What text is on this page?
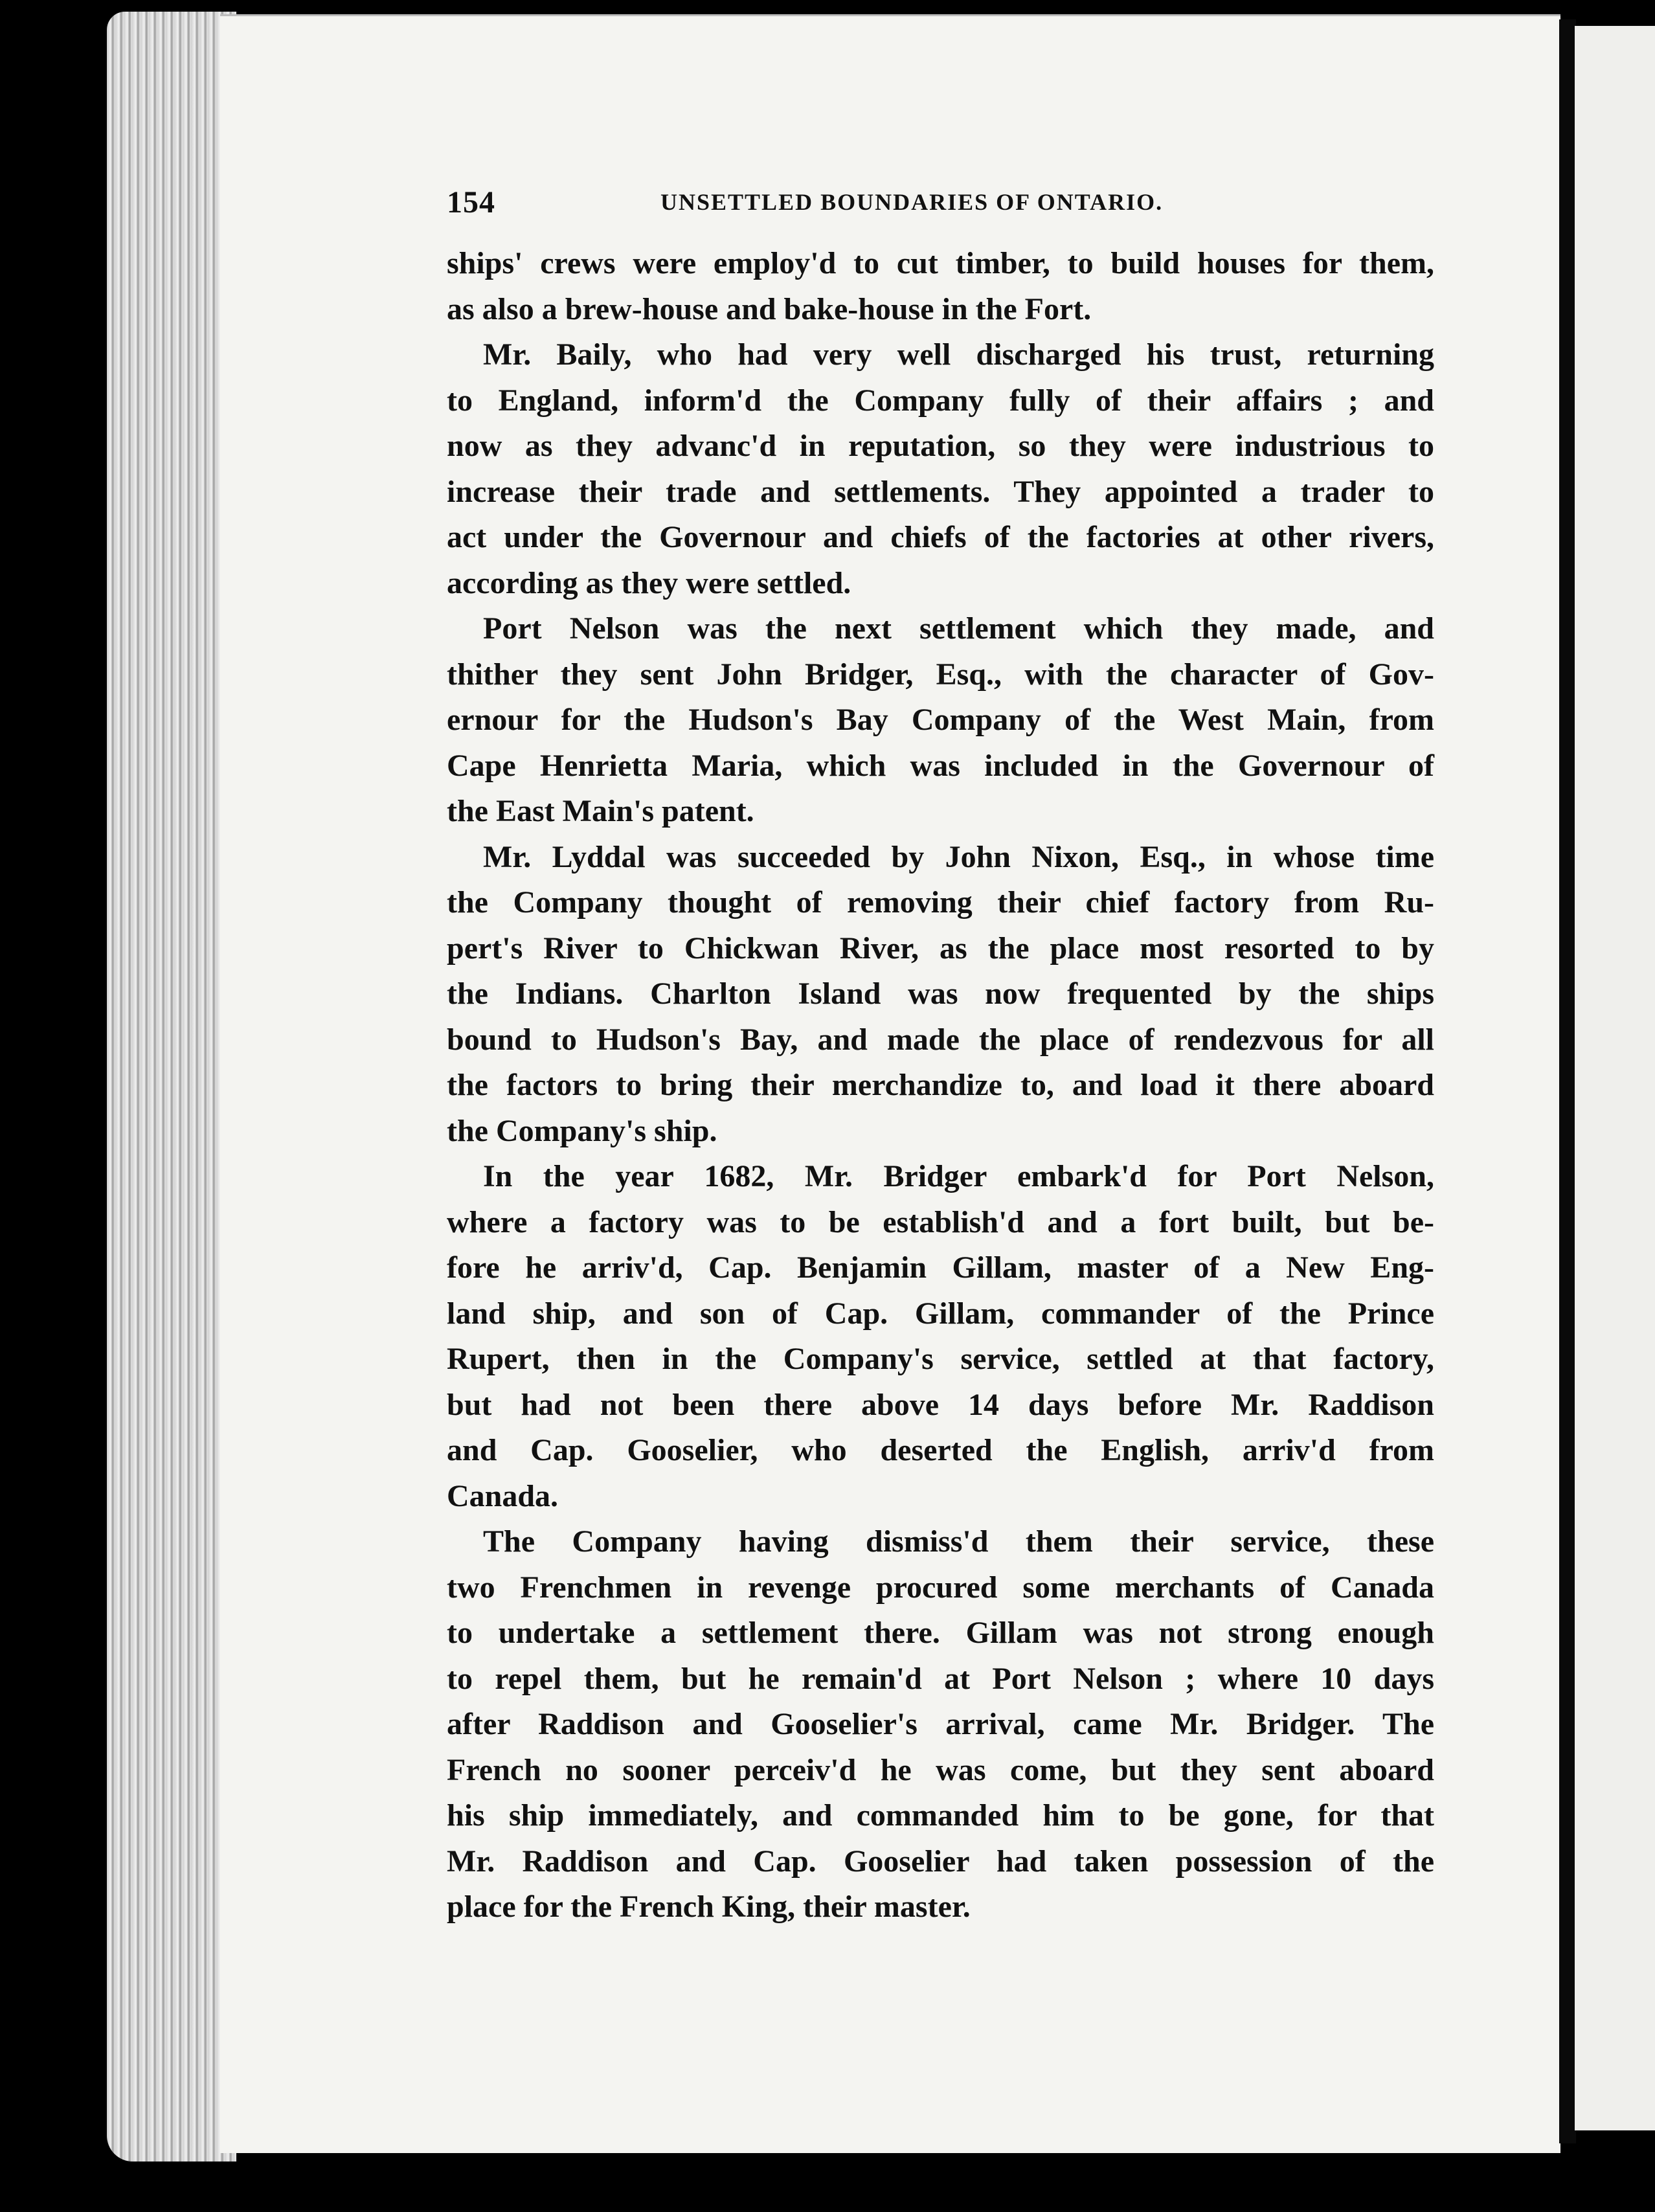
154	UNSETTLED BOUNDARIES OF ONTARIO.
ships' crews were employ'd to cut timber, to build houses for them,
as also a brew-house and bake-house in the Fort.
Mr. Baily, who had very well discharged his trust, returning
to England, inform'd the Company fully of their affairs ; and
now as they advanc'd in reputation, so they were industrious to
increase their trade and settlements. They appointed a trader to
act under the Governour and chiefs of the factories at other rivers,
according as they were settled.
Port Nelson was the next settlement which they made, and
thither they sent John Bridger, Esq., with the character of Gov-
ernour for the Hudson's Bay Company of the West Main, from
Cape Henrietta Maria, which was included in the Governour of
the East Main's patent.
Mr. Lyddal was succeeded by John Nixon, Esq., in whose time
the Company thought of removing their chief factory from Ru-
pert's River to Chickwan River, as the place most resorted to by
the Indians. Charlton Island was now frequented by the ships
bound to Hudson's Bay, and made the place of rendezvous for all
the factors to bring their merchandize to, and load it there aboard
the Company's ship.
In the year 1682, Mr. Bridger embark'd for Port Nelson,
where a factory was to be establish'd and a fort built, but be-
fore he arriv'd, Cap. Benjamin Gillam, master of a New Eng-
land ship, and son of Cap. Gillam, commander of the Prince
Rupert, then in the Company's service, settled at that factory,
but had not been there above 14 days before Mr. Raddison
and Cap. Gooselier, who deserted the English, arriv'd from
Canada.
The Company having dismiss'd them their service, these
two Frenchmen in revenge procured some merchants of Canada
to undertake a settlement there. Gillam was not strong enough
to repel them, but he remain'd at Port Nelson ; where 10 days
after Raddison and Gooselier's arrival, came Mr. Bridger. The
French no sooner perceiv'd he was come, but they sent aboard
his ship immediately, and commanded him to be gone, for that
Mr. Raddison and Cap. Gooselier had taken possession of the
place for the French King, their master.
